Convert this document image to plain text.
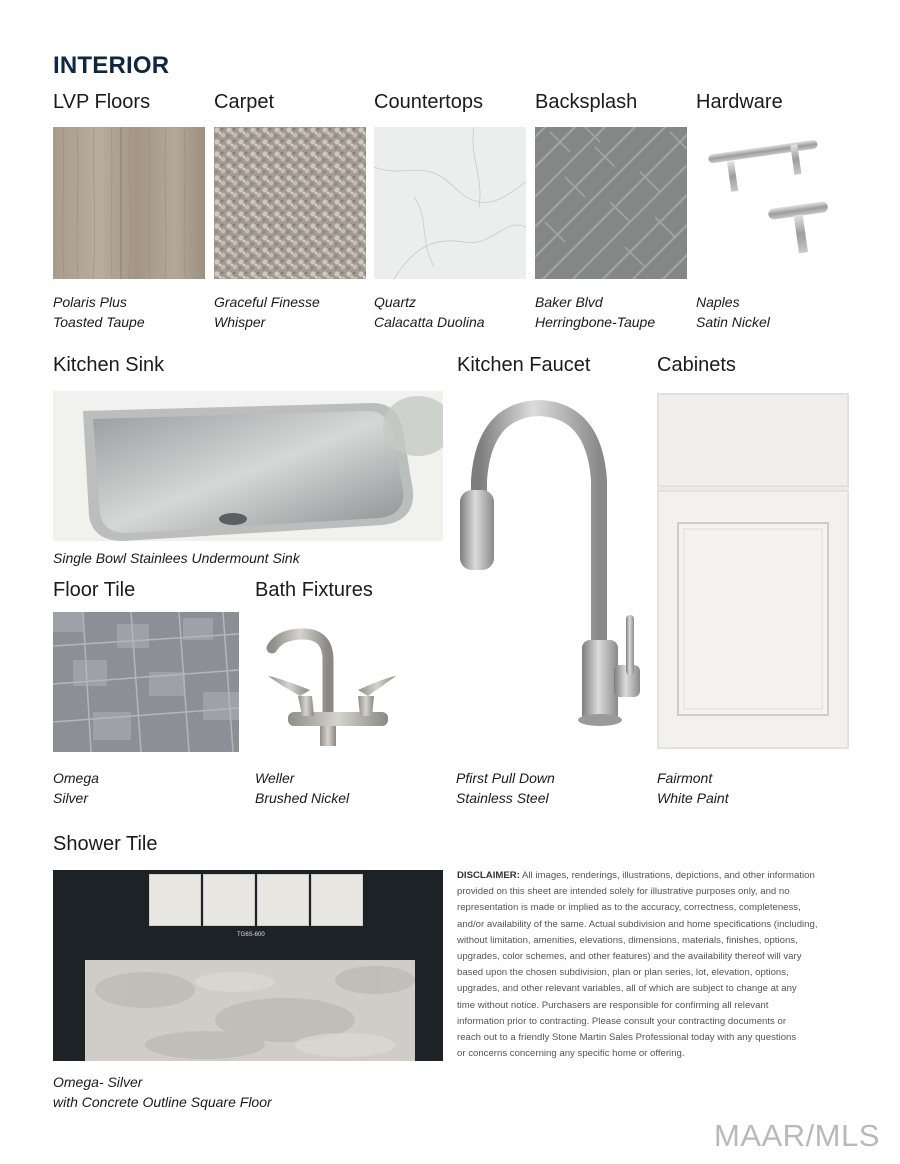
INTERIOR
LVP Floors	Carpet	Countertops	Backsplash	Hardware
Polaris Plus
Toasted Taupe
Graceful Finesse
Whisper
Quartz
Calacatta Duolina
Baker Blvd
Herringbone-Taupe
Naples
Satin Nickel
Kitchen Sink	Kitchen Faucet	Cabinets
Single Bowl Stainlees Undermount Sink
Pfirst Pull Down
Stainless Steel
Fairmont
White Paint
Floor Tile	Bath Fixtures
Omega
Silver
Weller
Brushed Nickel
Shower Tile
TG6S-600
Omega- Silver
with Concrete Outline Square Floor
DISCLAIMER: All images, renderings, illustrations, depictions, and other information
provided on this sheet are intended solely for illustrative purposes only, and no
representation is made or implied as to the accuracy, correctness, completeness,
and/or availability of the same. Actual subdivision and home specifications (including,
without limitation, amenities, elevations, dimensions, materials, finishes, options,
upgrades, color schemes, and other features) and the availability thereof will vary
based upon the chosen subdivision, plan or plan series, lot, elevation, options,
upgrades, and other relevant variables, all of which are subject to change at any
time without notice. Purchasers are responsible for confirming all relevant
information prior to contracting. Please consult your contracting documents or
reach out to a friendly Stone Martin Sales Professional today with any questions
or concerns concerning any specific home or offering.
MAAR/MLS
